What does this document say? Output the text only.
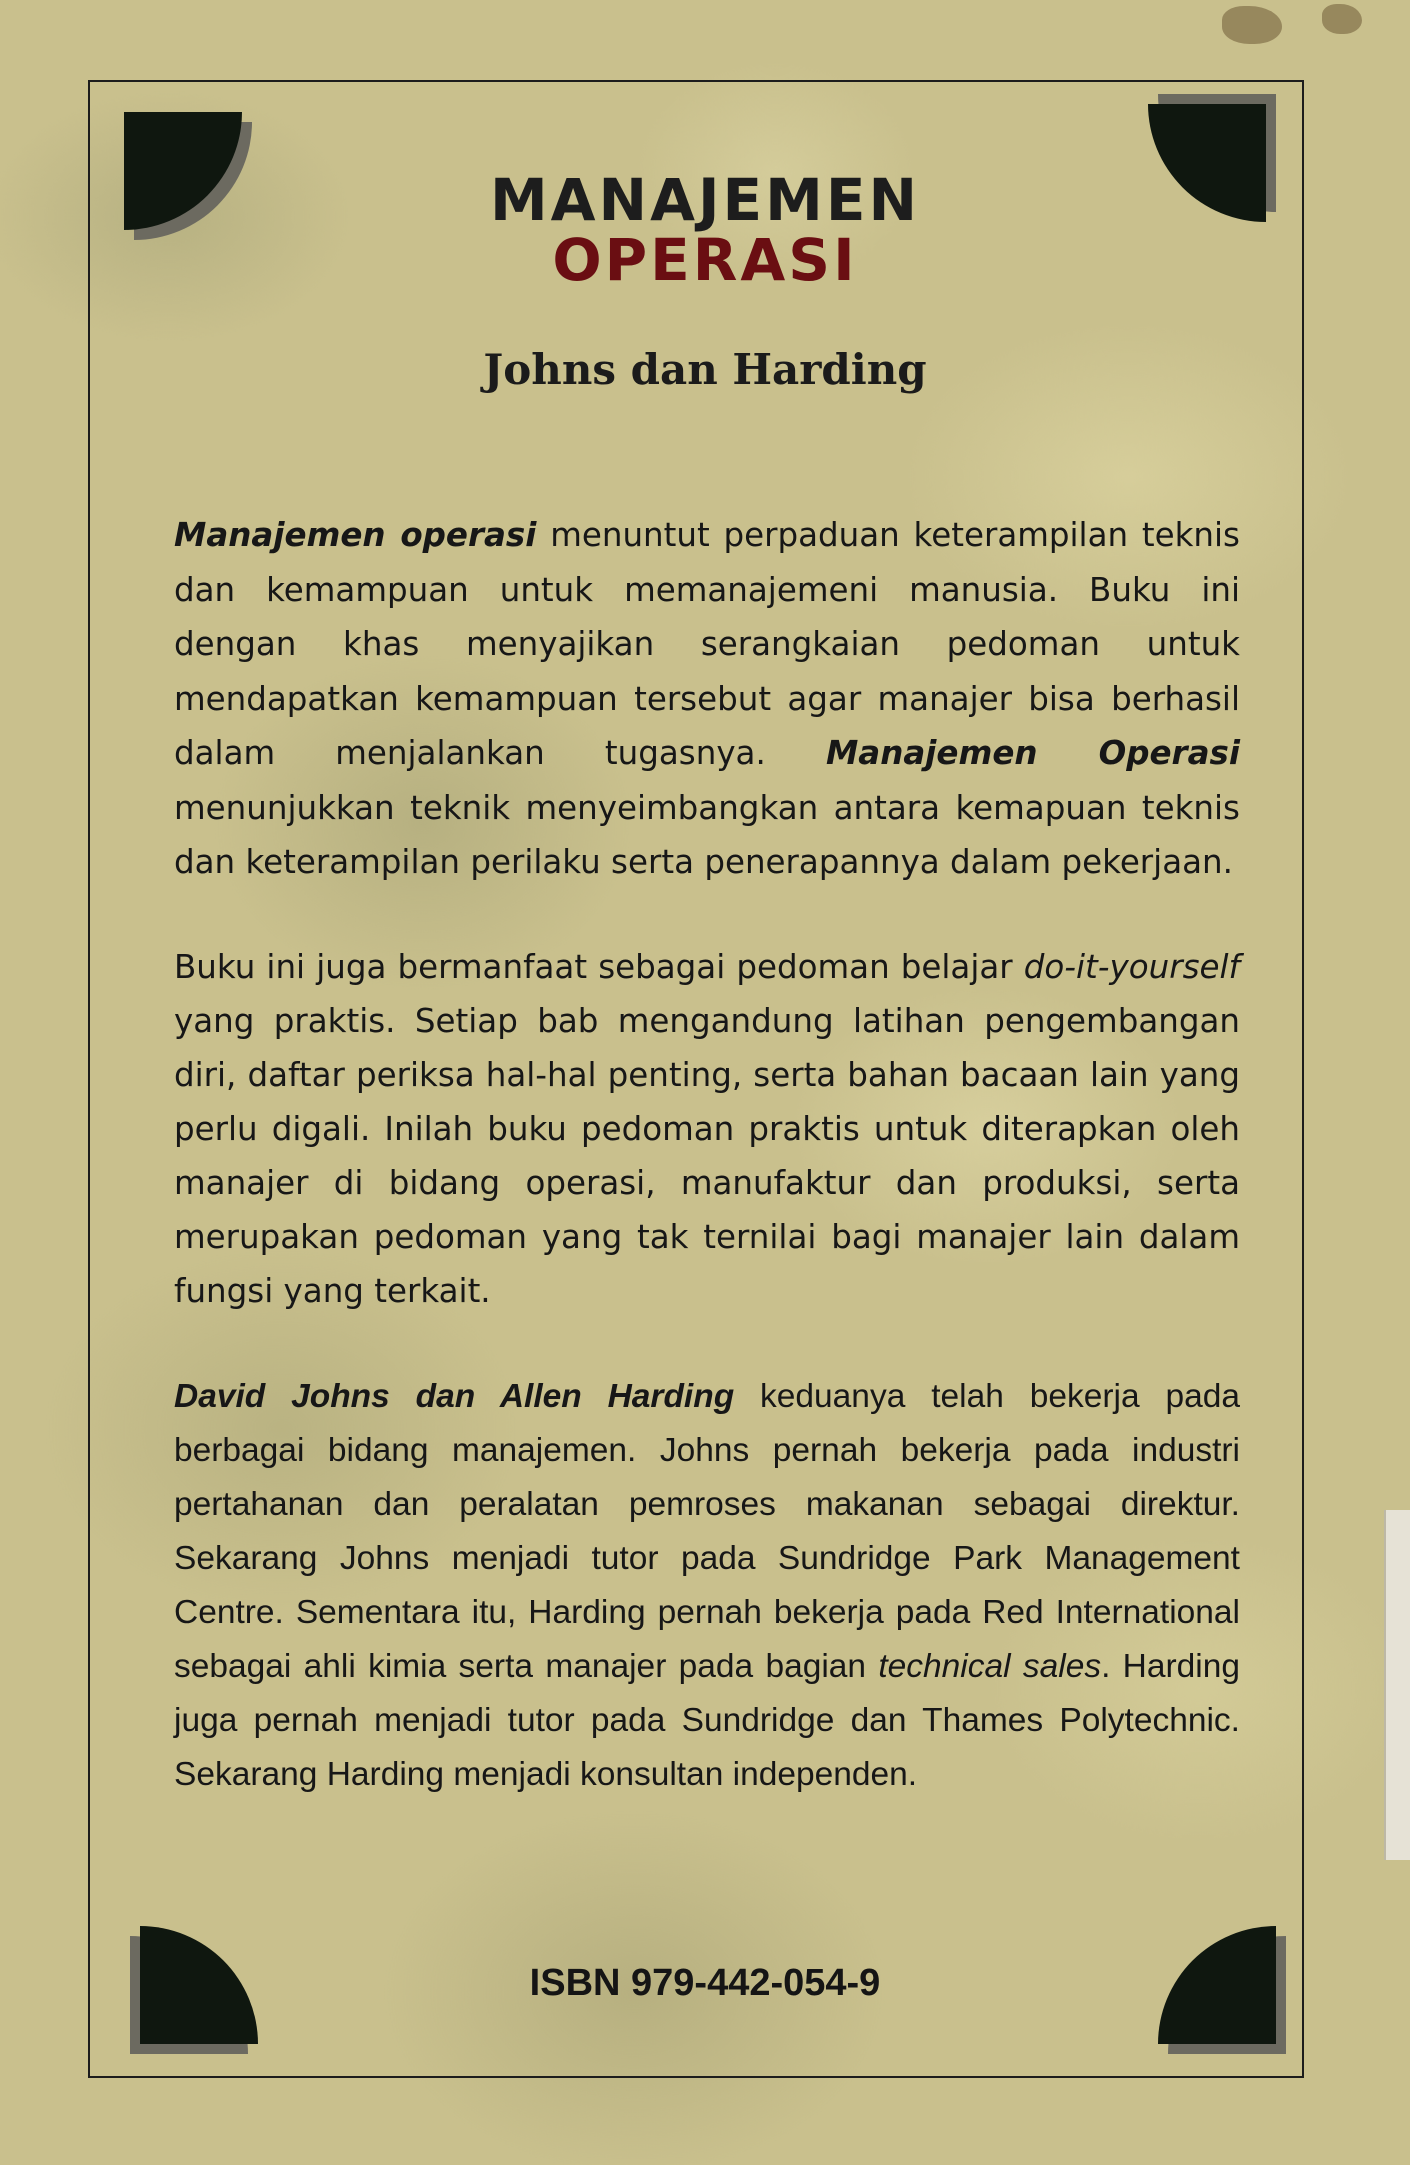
MANAJEMEN
OPERASI
Johns dan Harding

Manajemen operasi menuntut perpaduan keterampilan teknis dan kemampuan untuk memanajemeni manusia. Buku ini dengan khas menyajikan serangkaian pedoman untuk mendapatkan kemampuan tersebut agar manajer bisa berhasil dalam menjalankan tugasnya. Manajemen Operasi menunjukkan teknik menyeimbangkan antara kemapuan teknis dan keterampilan perilaku serta penerapannya dalam pekerjaan.

Buku ini juga bermanfaat sebagai pedoman belajar do-it-yourself yang praktis. Setiap bab mengandung latihan pengembangan diri, daftar periksa hal-hal penting, serta bahan bacaan lain yang perlu digali. Inilah buku pedoman praktis untuk diterapkan oleh manajer di bidang operasi, manufaktur dan produksi, serta merupakan pedoman yang tak ternilai bagi manajer lain dalam fungsi yang terkait.

David Johns dan Allen Harding keduanya telah bekerja pada berbagai bidang manajemen. Johns pernah bekerja pada industri pertahanan dan peralatan pemroses makanan sebagai direktur. Sekarang Johns menjadi tutor pada Sundridge Park Management Centre. Sementara itu, Harding pernah bekerja pada Red International sebagai ahli kimia serta manajer pada bagian technical sales. Harding juga pernah menjadi tutor pada Sundridge dan Thames Polytechnic. Sekarang Harding menjadi konsultan independen.

ISBN 979-442-054-9
